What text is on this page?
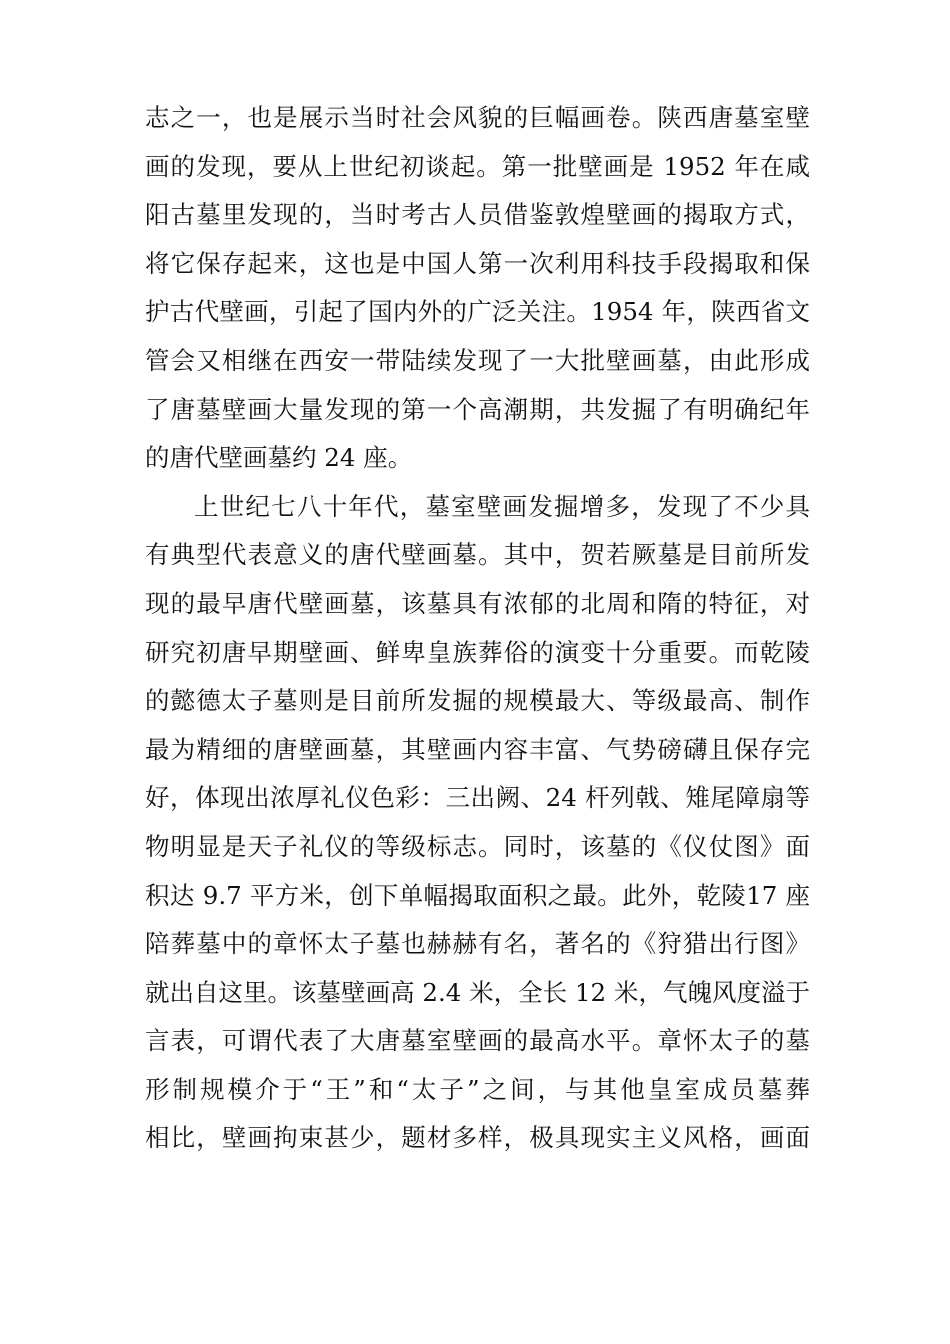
志之一，也是展示当时社会风貌的巨幅画卷。陕西唐墓室壁
画的发现，要从上世纪初谈起。第一批壁画是 1952 年在咸
阳古墓里发现的，当时考古人员借鉴敦煌壁画的揭取方式，
将它保存起来，这也是中国人第一次利用科技手段揭取和保
护古代壁画，引起了国内外的广泛关注。1954 年，陕西省文
管会又相继在西安一带陆续发现了一大批壁画墓，由此形成
了唐墓壁画大量发现的第一个高潮期，共发掘了有明确纪年
的唐代壁画墓约 24 座。
上世纪七八十年代，墓室壁画发掘增多，发现了不少具
有典型代表意义的唐代壁画墓。其中，贺若厥墓是目前所发
现的最早唐代壁画墓，该墓具有浓郁的北周和隋的特征，对
研究初唐早期壁画、鲜卑皇族葬俗的演变十分重要。而乾陵
的懿德太子墓则是目前所发掘的规模最大、等级最高、制作
最为精细的唐壁画墓，其壁画内容丰富、气势磅礴且保存完
好，体现出浓厚礼仪色彩：三出阙、24 杆列戟、雉尾障扇等
物明显是天子礼仪的等级标志。同时，该墓的《仪仗图》面
积达 9.7 平方米，创下单幅揭取面积之最。此外，乾陵17 座
陪葬墓中的章怀太子墓也赫赫有名，著名的《狩猎出行图》
就出自这里。该墓壁画高 2.4 米，全长 12 米，气魄风度溢于
言表，可谓代表了大唐墓室壁画的最高水平。章怀太子的墓
形制规模介于“王”和“太子”之间，与其他皇室成员墓葬
相比，壁画拘束甚少，题材多样，极具现实主义风格，画面
